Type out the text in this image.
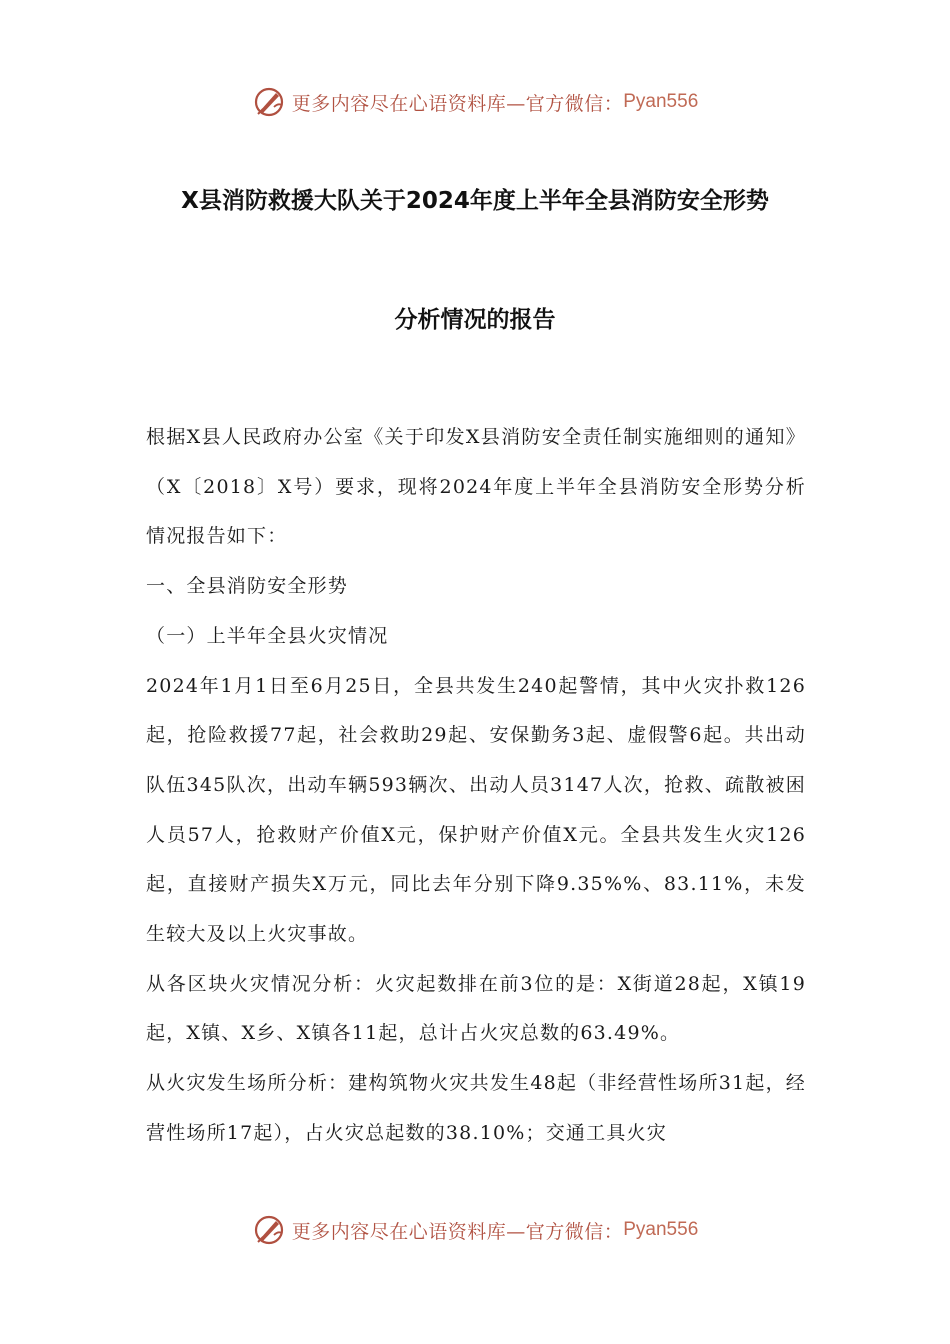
更多内容尽在心语资料库—官方微信： Pyan556
X县消防救援大队关于2024年度上半年全县消防安全形势
分析情况的报告

根据X县人民政府办公室《关于印发X县消防安全责任制实施细则的通知》（X〔2018〕X号）要求，现将2024年度上半年全县消防安全形势分析情况报告如下：

一、全县消防安全形势

（一）上半年全县火灾情况

2024年1月1日至6月25日，全县共发生240起警情，其中火灾扑救126起，抢险救援77起，社会救助29起、安保勤务3起、虚假警6起。共出动队伍345队次，出动车辆593辆次、出动人员3147人次，抢救、疏散被困人员57人，抢救财产价值X元，保护财产价值X元。全县共发生火灾126起，直接财产损失X万元，同比去年分别下降9.35%%、83.11%，未发生较大及以上火灾事故。

从各区块火灾情况分析：火灾起数排在前3位的是：X街道28起，X镇19起，X镇、X乡、X镇各11起，总计占火灾总数的63.49%。

从火灾发生场所分析：建构筑物火灾共发生48起（非经营性场所31起，经营性场所17起），占火灾总起数的38.10%；交通工具火灾

更多内容尽在心语资料库—官方微信： Pyan556
